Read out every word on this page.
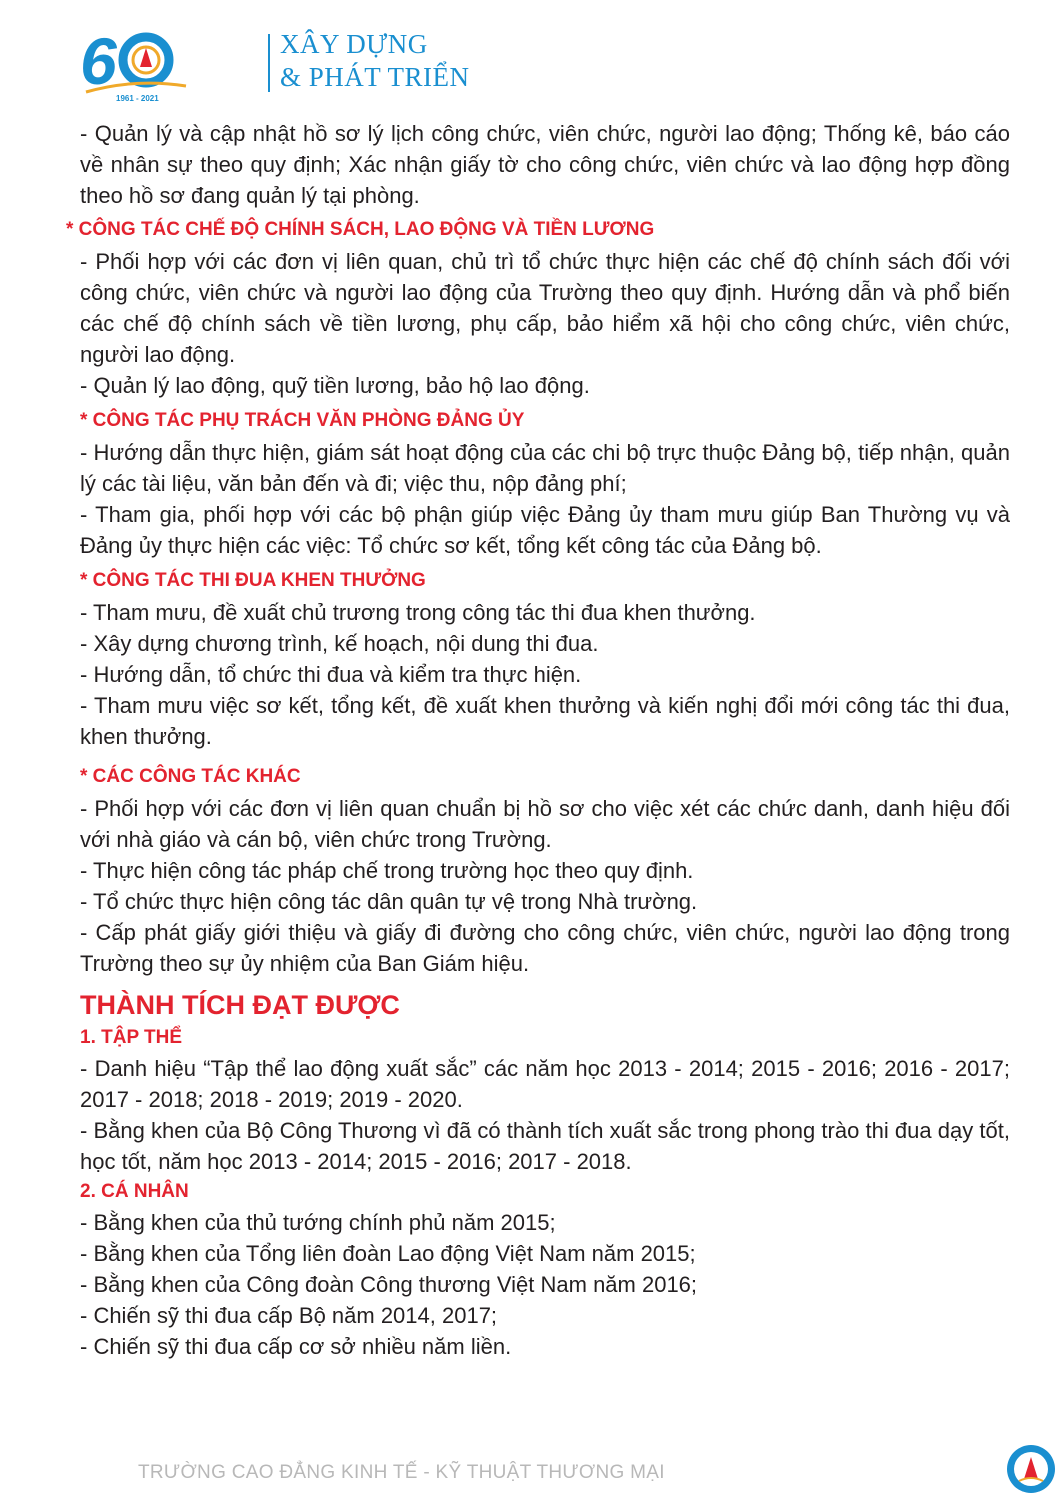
6
1961 - 2021
XÂY DỰNG
& PHÁT TRIỂN

- Quản lý và cập nhật hồ sơ lý lịch công chức, viên chức, người lao động; Thống kê, báo cáo về nhân sự theo quy định; Xác nhận giấy tờ cho công chức, viên chức và lao động hợp đồng theo hồ sơ đang quản lý tại phòng.

* CÔNG TÁC CHẾ ĐỘ CHÍNH SÁCH, LAO ĐỘNG VÀ TIỀN LƯƠNG

- Phối hợp với các đơn vị liên quan, chủ trì tổ chức thực hiện các chế độ chính sách đối với công chức, viên chức và người lao động của Trường theo quy định. Hướng dẫn và phổ biến các chế độ chính sách về tiền lương, phụ cấp, bảo hiểm xã hội cho công chức, viên chức, người lao động.

- Quản lý lao động, quỹ tiền lương, bảo hộ lao động.

* CÔNG TÁC PHỤ TRÁCH VĂN PHÒNG ĐẢNG ỦY

- Hướng dẫn thực hiện, giám sát hoạt động của các chi bộ trực thuộc Đảng bộ, tiếp nhận, quản lý các tài liệu, văn bản đến và đi; việc thu, nộp đảng phí;

- Tham gia, phối hợp với các bộ phận giúp việc Đảng ủy tham mưu giúp Ban Thường vụ và Đảng ủy thực hiện các việc: Tổ chức sơ kết, tổng kết công tác của Đảng bộ.

* CÔNG TÁC THI ĐUA KHEN THƯỞNG

- Tham mưu, đề xuất chủ trương trong công tác thi đua khen thưởng.

- Xây dựng chương trình, kế hoạch, nội dung thi đua.

- Hướng dẫn, tổ chức thi đua và kiểm tra thực hiện.

- Tham mưu việc sơ kết, tổng kết, đề xuất khen thưởng và kiến nghị đổi mới công tác thi đua, khen thưởng.

* CÁC CÔNG TÁC KHÁC

- Phối hợp với các đơn vị liên quan chuẩn bị hồ sơ cho việc xét các chức danh, danh hiệu đối với nhà giáo và cán bộ, viên chức trong Trường.

- Thực hiện công tác pháp chế trong trường học theo quy định.

- Tổ chức thực hiện công tác dân quân tự vệ trong Nhà trường.

- Cấp phát giấy giới thiệu và giấy đi đường cho công chức, viên chức, người lao động trong Trường theo sự ủy nhiệm của Ban Giám hiệu.

THÀNH TÍCH ĐẠT ĐƯỢC
1. TẬP THỂ

- Danh hiệu “Tập thể lao động xuất sắc” các năm học 2013 - 2014; 2015 - 2016; 2016 - 2017; 2017 - 2018; 2018 - 2019; 2019 - 2020.

- Bằng khen của Bộ Công Thương vì đã có thành tích xuất sắc trong phong trào thi đua dạy tốt, học tốt, năm học 2013 - 2014; 2015 - 2016; 2017 - 2018.

2. CÁ NHÂN

- Bằng khen của thủ tướng chính phủ năm 2015;

- Bằng khen của Tổng liên đoàn Lao động Việt Nam năm 2015;

- Bằng khen của Công đoàn Công thương Việt Nam năm 2016;

- Chiến sỹ thi đua cấp Bộ năm 2014, 2017;

- Chiến sỹ thi đua cấp cơ sở nhiều năm liền.

TRƯỜNG CAO ĐẲNG KINH TẾ - KỸ THUẬT THƯƠNG MẠI
